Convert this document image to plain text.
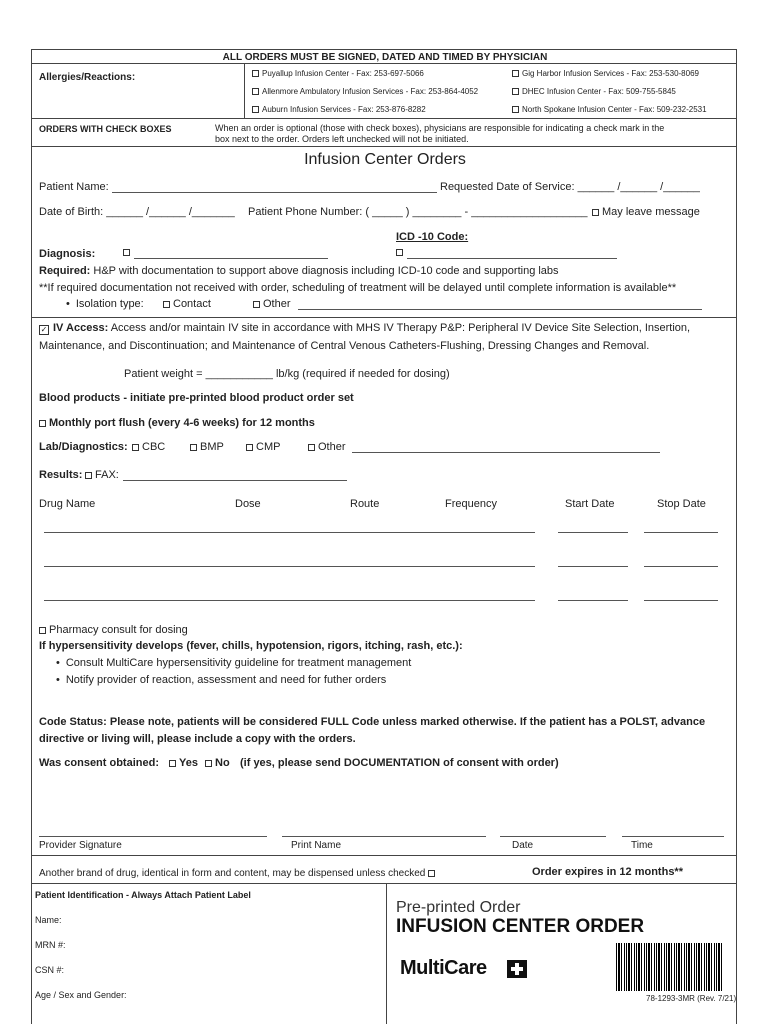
ALL ORDERS MUST BE SIGNED, DATED AND TIMED BY PHYSICIAN
Allergies/Reactions:	Puyallup Infusion Center - Fax: 253-697-5066	Gig Harbor Infusion Services - Fax: 253-530-8069
Allenmore Ambulatory Infusion Services - Fax: 253-864-4052	DHEC Infusion Center - Fax: 509-755-5845
Auburn Infusion Services - Fax: 253-876-8282	North Spokane Infusion Center - Fax: 509-232-2531
ORDERS WITH CHECK BOXES	When an order is optional (those with check boxes), physicians are responsible for indicating a check mark in the
box next to the order. Orders left unchecked will not be initiated.
Infusion Center Orders
Patient Name:	Requested Date of Service: ______ /______ /______
Date of Birth: ______ /______ /_______ Patient Phone Number: ( _____ ) ________ - ___________________	May leave message
ICD -10 Code:
Diagnosis:
Required: H&P with documentation to support above diagnosis including ICD-10 code and supporting labs
**If required documentation not received with order, scheduling of treatment will be delayed until complete information is available**
• Isolation type:	Contact	Other
✓ IV Access: Access and/or maintain IV site in accordance with MHS IV Therapy P&P: Peripheral IV Device Site Selection, Insertion,
Maintenance, and Discontinuation; and Maintenance of Central Venous Catheters-Flushing, Dressing Changes and Removal.
Patient weight = ___________ lb/kg (required if needed for dosing)
Blood products - initiate pre-printed blood product order set
Monthly port flush (every 4-6 weeks) for 12 months
Lab/Diagnostics:	CBC	BMP	CMP	Other
Results:	FAX:
Drug Name	Dose	Route	Frequency	Start Date	Stop Date
Pharmacy consult for dosing
If hypersensitivity develops (fever, chills, hypotension, rigors, itching, rash, etc.):
• Consult MultiCare hypersensitivity guideline for treatment management
• Notify provider of reaction, assessment and need for futher orders
Code Status: Please note, patients will be considered FULL Code unless marked otherwise. If the patient has a POLST, advance
directive or living will, please include a copy with the orders.
Was consent obtained:	Yes	No (if yes, please send DOCUMENTATION of consent with order)
Provider Signature	Print Name	Date	Time
Another brand of drug, identical in form and content, may be dispensed unless checked	Order expires in 12 months**
Patient Identification - Always Attach Patient Label
Name:
MRN #:
CSN #:
Age / Sex and Gender:
Pre-printed Order
INFUSION CENTER ORDER
MultiCare
78-1293-3MR (Rev. 7/21)
